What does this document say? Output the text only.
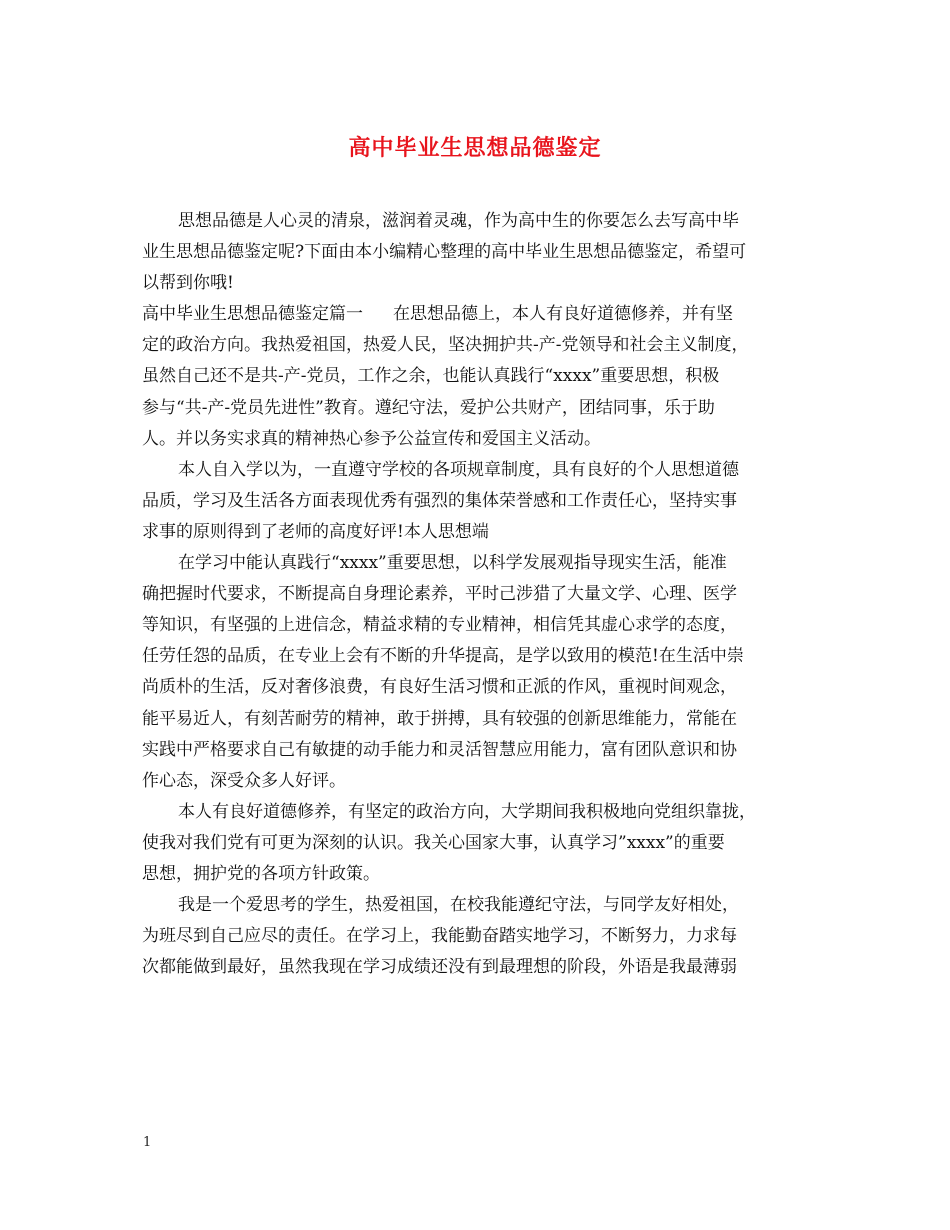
高中毕业生思想品德鉴定
思想品德是人心灵的清泉，滋润着灵魂，作为高中生的你要怎么去写高中毕
业生思想品德鉴定呢?下面由本小编精心整理的高中毕业生思想品德鉴定，希望可
以帮到你哦!
高中毕业生思想品德鉴定篇一 在思想品德上，本人有良好道德修养，并有坚
定的政治方向。我热爱祖国，热爱人民，坚决拥护共-产-党领导和社会主义制度，
虽然自己还不是共-产-党员，工作之余，也能认真践行“xxxx”重要思想，积极
参与“共-产-党员先进性”教育。遵纪守法，爱护公共财产，团结同事，乐于助
人。并以务实求真的精神热心参予公益宣传和爱国主义活动。
本人自入学以为，一直遵守学校的各项规章制度，具有良好的个人思想道德
品质，学习及生活各方面表现优秀有强烈的集体荣誉感和工作责任心，坚持实事
求事的原则得到了老师的高度好评!本人思想端
在学习中能认真践行“xxxx”重要思想，以科学发展观指导现实生活，能准
确把握时代要求，不断提高自身理论素养，平时己涉猎了大量文学、心理、医学
等知识，有坚强的上进信念，精益求精的专业精神，相信凭其虚心求学的态度，
任劳任怨的品质，在专业上会有不断的升华提高，是学以致用的模范!在生活中崇
尚质朴的生活，反对奢侈浪费，有良好生活习惯和正派的作风，重视时间观念，
能平易近人，有刻苦耐劳的精神，敢于拼搏，具有较强的创新思维能力，常能在
实践中严格要求自己有敏捷的动手能力和灵活智慧应用能力，富有团队意识和协
作心态，深受众多人好评。
本人有良好道德修养，有坚定的政治方向，大学期间我积极地向党组织靠拢，
使我对我们党有可更为深刻的认识。我关心国家大事，认真学习”xxxx”的重要
思想，拥护党的各项方针政策。
我是一个爱思考的学生，热爱祖国，在校我能遵纪守法，与同学友好相处，
为班尽到自己应尽的责任。在学习上，我能勤奋踏实地学习，不断努力，力求每
次都能做到最好，虽然我现在学习成绩还没有到最理想的阶段，外语是我最薄弱
1
